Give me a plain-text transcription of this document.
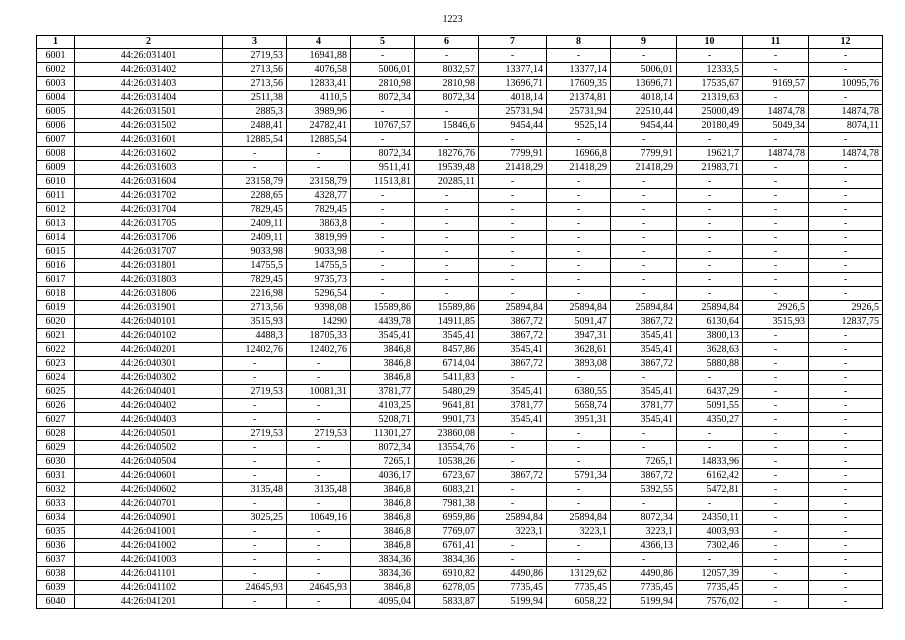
1223
1	2	3	4	5	6	7	8	9	10	11	12
6001	44:26:031401	2719,53	16941,88	-	-	-	-	-	-	-	-
6002	44:26:031402	2713,56	4076,58	5006,01	8032,57	13377,14	13377,14	5006,01	12333,5	-	-
6003	44:26:031403	2713,56	12833,41	2810,98	2810,98	13696,71	17609,35	13696,71	17535,67	9169,57	10095,76
6004	44:26:031404	2511,38	4110,5	8072,34	8072,34	4018,14	21374,81	4018,14	21319,63	-	-
6005	44:26:031501	2885,3	3989,96	-	-	25731,94	25731,94	22510,44	25000,49	14874,78	14874,78
6006	44:26:031502	2488,41	24782,41	10767,57	15846,6	9454,44	9525,14	9454,44	20180,49	5049,34	8074,11
6007	44:26:031601	12885,54	12885,54	-	-	-	-	-	-	-	-
6008	44:26:031602	-	-	8072,34	18276,76	7799,91	16966,8	7799,91	19621,7	14874,78	14874,78
6009	44:26:031603	-	-	9511,41	19539,48	21418,29	21418,29	21418,29	21983,71	-	-
6010	44:26:031604	23158,79	23158,79	11513,81	20285,11	-	-	-	-	-	-
6011	44:26:031702	2288,65	4328,77	-	-	-	-	-	-	-	-
6012	44:26:031704	7829,45	7829,45	-	-	-	-	-	-	-	-
6013	44:26:031705	2409,11	3863,8	-	-	-	-	-	-	-	-
6014	44:26:031706	2409,11	3819,99	-	-	-	-	-	-	-	-
6015	44:26:031707	9033,98	9033,98	-	-	-	-	-	-	-	-
6016	44:26:031801	14755,5	14755,5	-	-	-	-	-	-	-	-
6017	44:26:031803	7829,45	9735,73	-	-	-	-	-	-	-	-
6018	44:26:031806	2216,98	5296,54	-	-	-	-	-	-	-	-
6019	44:26:031901	2713,56	9398,08	15589,86	15589,86	25894,84	25894,84	25894,84	25894,84	2926,5	2926,5
6020	44:26:040101	3515,93	14290	4439,78	14911,85	3867,72	5091,47	3867,72	6130,64	3515,93	12837,75
6021	44:26:040102	4488,3	18705,33	3545,41	3545,41	3867,72	3947,31	3545,41	3800,13	-	-
6022	44:26:040201	12402,76	12402,76	3846,8	8457,86	3545,41	3628,61	3545,41	3628,63	-	-
6023	44:26:040301	-	-	3846,8	6714,04	3867,72	3893,08	3867,72	5880,88	-	-
6024	44:26:040302	-	-	3846,8	5411,83	-	-	-	-	-	-
6025	44:26:040401	2719,53	10081,31	3781,77	5480,29	3545,41	6380,55	3545,41	6437,29	-	-
6026	44:26:040402	-	-	4103,25	9641,81	3781,77	5658,74	3781,77	5091,55	-	-
6027	44:26:040403	-	-	5208,71	9901,73	3545,41	3951,31	3545,41	4350,27	-	-
6028	44:26:040501	2719,53	2719,53	11301,27	23860,08	-	-	-	-	-	-
6029	44:26:040502	-	-	8072,34	13554,76	-	-	-	-	-	-
6030	44:26:040504	-	-	7265,1	10538,26	-	-	7265,1	14833,96	-	-
6031	44:26:040601	-	-	4036,17	6723,67	3867,72	5791,34	3867,72	6162,42	-	-
6032	44:26:040602	3135,48	3135,48	3846,8	6083,21	-	-	5392,55	5472,81	-	-
6033	44:26:040701	-	-	3846,8	7981,38	-	-	-	-	-	-
6034	44:26:040901	3025,25	10649,16	3846,8	6959,86	25894,84	25894,84	8072,34	24350,11	-	-
6035	44:26:041001	-	-	3846,8	7769,07	3223,1	3223,1	3223,1	4003,93	-	-
6036	44:26:041002	-	-	3846,8	6761,41	-	-	4366,13	7302,46	-	-
6037	44:26:041003	-	-	3834,36	3834,36	-	-	-	-	-	-
6038	44:26:041101	-	-	3834,36	6910,82	4490,86	13129,62	4490,86	12057,39	-	-
6039	44:26:041102	24645,93	24645,93	3846,8	6278,05	7735,45	7735,45	7735,45	7735,45	-	-
6040	44:26:041201	-	-	4095,04	5833,87	5199,94	6058,22	5199,94	7576,02	-	-
